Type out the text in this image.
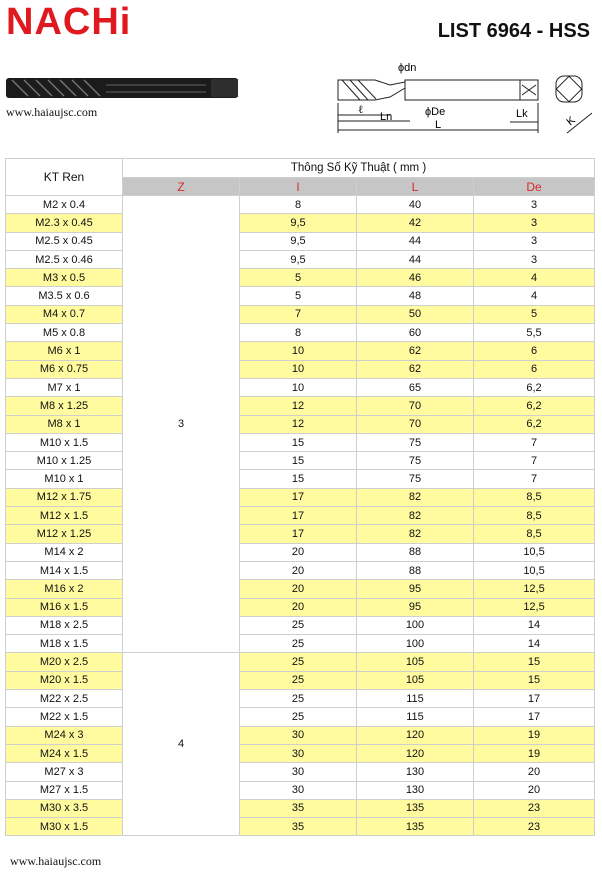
NACHi	LIST 6964 - HSS
www.haiaujsc.com
ϕdn
ϕDe
ℓ
Ln
L
Lk
K
KT Ren	Thông Số Kỹ Thuật ( mm )			
	Z	l	L	De
M2 x 0.4	3	8	40	3
M2.3 x 0.45		9,5	42	3
M2.5 x 0.45		9,5	44	3
M2.5 x 0.46		9,5	44	3
M3 x 0.5		5	46	4
M3.5 x 0.6		5	48	4
M4 x 0.7		7	50	5
M5 x 0.8		8	60	5,5
M6 x 1		10	62	6
M6 x 0.75		10	62	6
M7 x 1		10	65	6,2
M8 x 1.25		12	70	6,2
M8 x 1		12	70	6,2
M10 x 1.5		15	75	7
M10 x 1.25		15	75	7
M10 x 1		15	75	7
M12 x 1.75		17	82	8,5
M12 x 1.5		17	82	8,5
M12 x 1.25		17	82	8,5
M14 x 2		20	88	10,5
M14 x 1.5		20	88	10,5
M16 x 2		20	95	12,5
M16 x 1.5		20	95	12,5
M18 x 2.5		25	100	14
M18 x 1.5		25	100	14
M20 x 2.5	4	25	105	15
M20 x 1.5		25	105	15
M22 x 2.5		25	115	17
M22 x 1.5		25	115	17
M24 x 3		30	120	19
M24 x 1.5		30	120	19
M27 x 3		30	130	20
M27 x 1.5		30	130	20
M30 x 3.5		35	135	23
M30 x 1.5		35	135	23
www.haiaujsc.com
